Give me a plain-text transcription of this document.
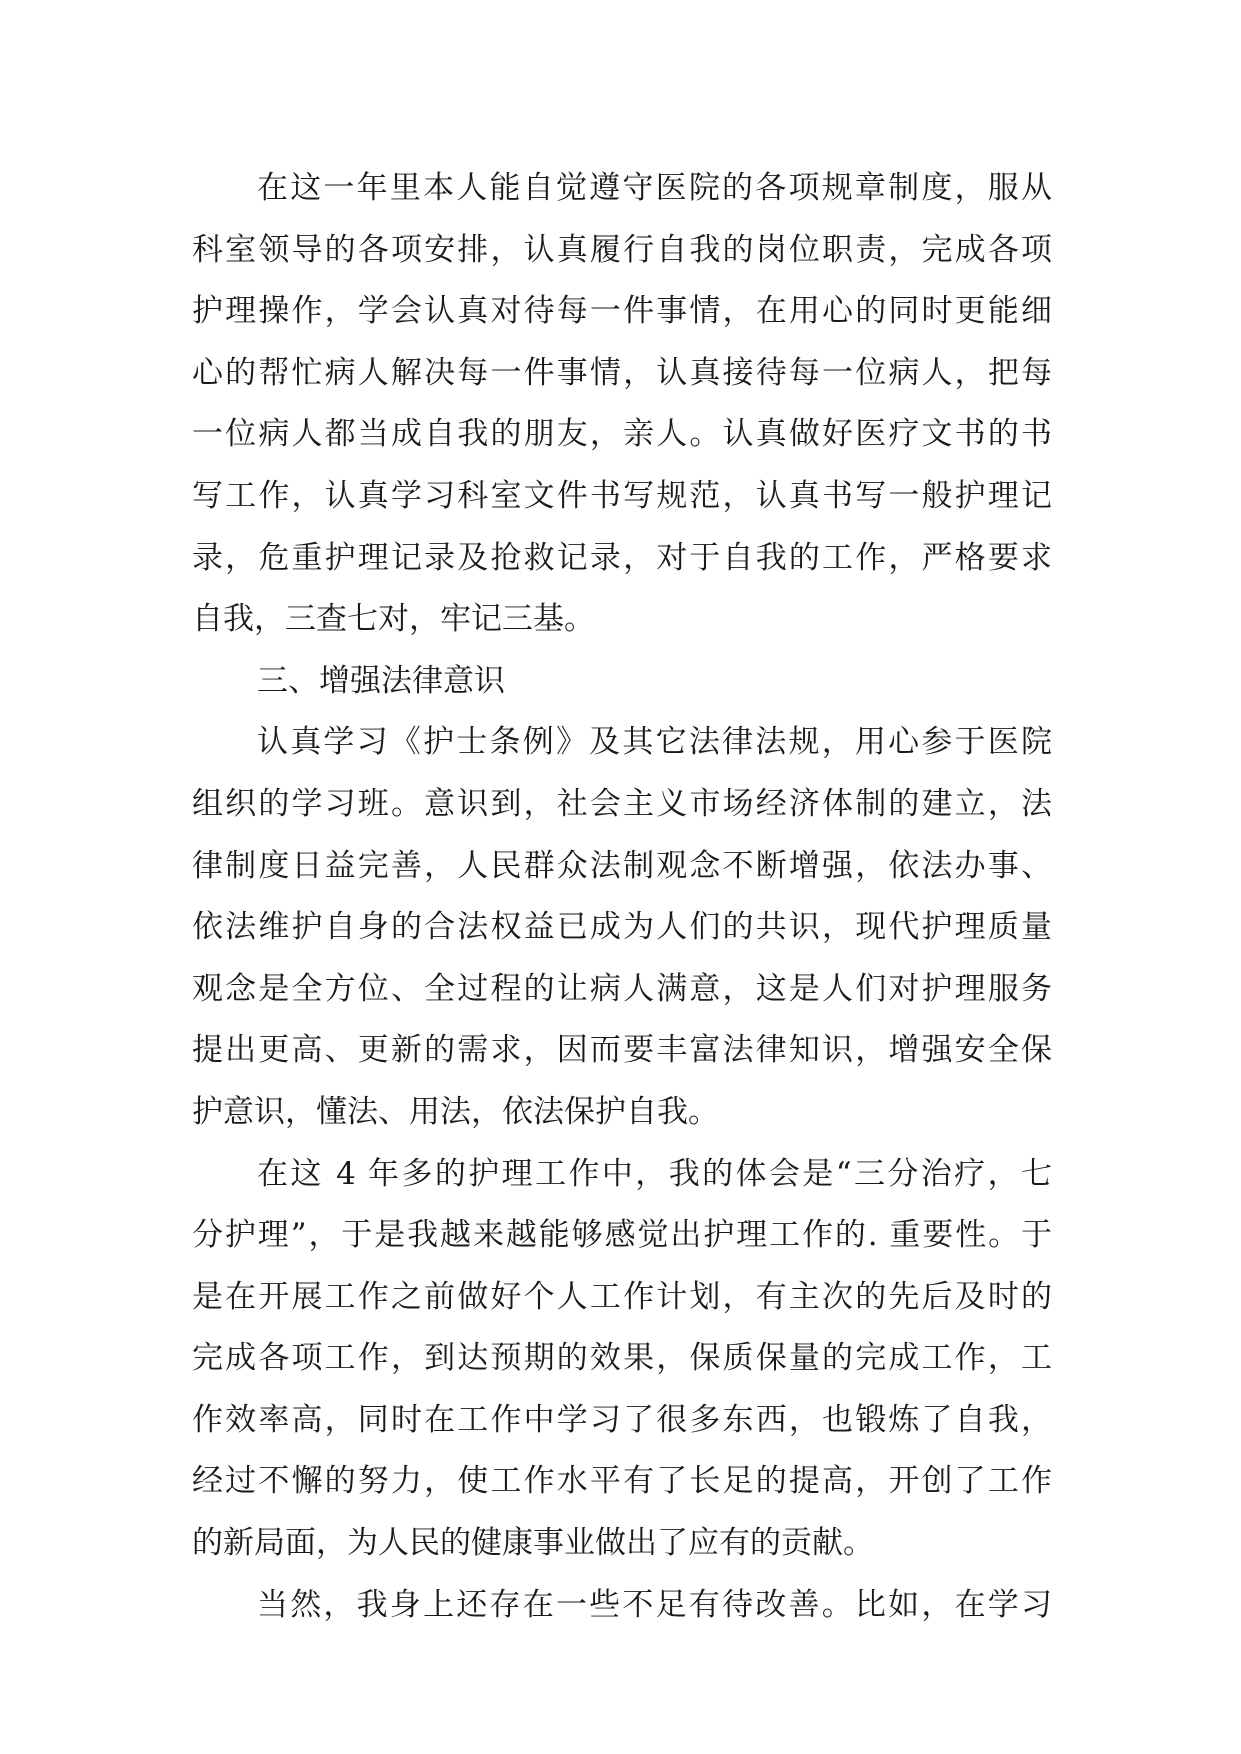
在这一年里本人能自觉遵守医院的各项规章制度，服从
科室领导的各项安排，认真履行自我的岗位职责，完成各项
护理操作，学会认真对待每一件事情，在用心的同时更能细
心的帮忙病人解决每一件事情，认真接待每一位病人，把每
一位病人都当成自我的朋友，亲人。认真做好医疗文书的书
写工作，认真学习科室文件书写规范，认真书写一般护理记
录，危重护理记录及抢救记录，对于自我的工作，严格要求
自我，三查七对，牢记三基。
三、增强法律意识
认真学习《护士条例》及其它法律法规，用心参于医院
组织的学习班。意识到，社会主义市场经济体制的建立，法
律制度日益完善，人民群众法制观念不断增强，依法办事、
依法维护自身的合法权益已成为人们的共识，现代护理质量
观念是全方位、全过程的让病人满意，这是人们对护理服务
提出更高、更新的需求，因而要丰富法律知识，增强安全保
护意识，懂法、用法，依法保护自我。
在这 4 年多的护理工作中，我的体会是“三分治疗，七
分护理”，于是我越来越能够感觉出护理工作的. 重要性。于
是在开展工作之前做好个人工作计划，有主次的先后及时的
完成各项工作，到达预期的效果，保质保量的完成工作，工
作效率高，同时在工作中学习了很多东西，也锻炼了自我，
经过不懈的努力，使工作水平有了长足的提高，开创了工作
的新局面，为人民的健康事业做出了应有的贡献。
当然，我身上还存在一些不足有待改善。比如，在学习
